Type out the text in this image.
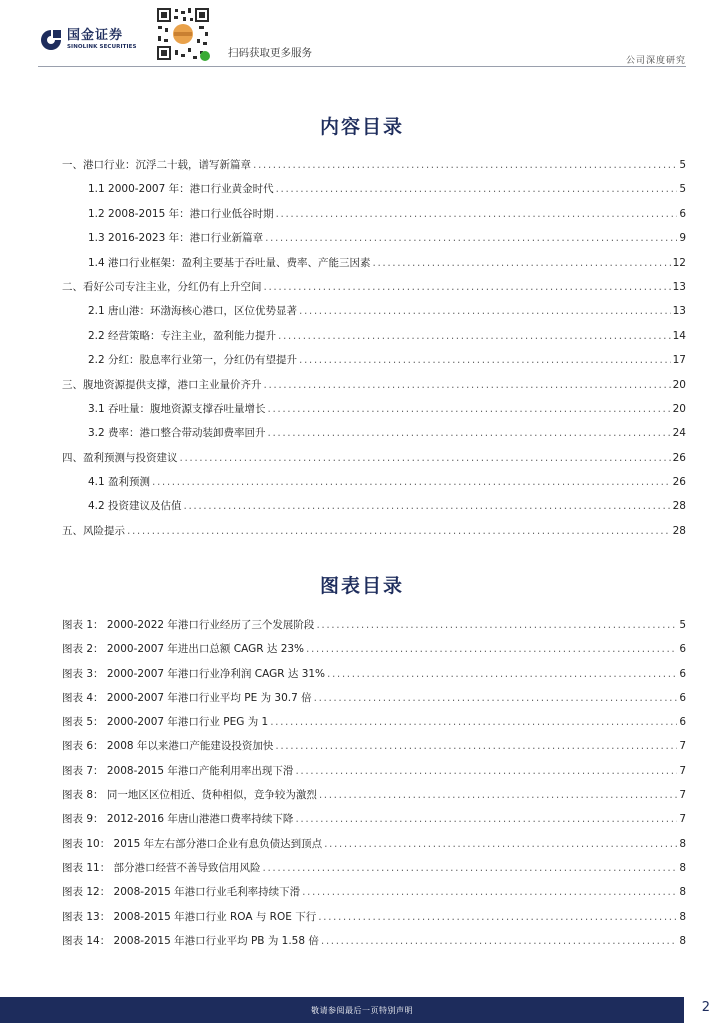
国金证券
SINOLINK SECURITIES	扫码获取更多服务
公司深度研究
内容目录
一、港口行业：沉浮二十载，谱写新篇章 .....	5
1.1 2000-2007 年：港口行业黄金时代 .....	5
1.2 2008-2015 年：港口行业低谷时期 .....	6
1.3 2016-2023 年：港口行业新篇章 .....	9
1.4 港口行业框架：盈利主要基于吞吐量、费率、产能三因素 .....	12
二、看好公司专注主业，分红仍有上升空间 .....	13
2.1 唐山港：环渤海核心港口，区位优势显著 .....	13
2.2 经营策略：专注主业，盈利能力提升 .....	14
2.2 分红：股息率行业第一，分红仍有望提升 .....	17
三、腹地资源提供支撑，港口主业量价齐升 .....	20
3.1 吞吐量：腹地资源支撑吞吐量增长 .....	20
3.2 费率：港口整合带动装卸费率回升 .....	24
四、盈利预测与投资建议 .....	26
4.1 盈利预测 .....	26
4.2 投资建议及估值 .....	28
五、风险提示 .....	28
图表目录
图表 1： 2000-2022 年港口行业经历了三个发展阶段 .....	5
图表 2： 2000-2007 年进出口总额 CAGR 达 23% .....	6
图表 3： 2000-2007 年港口行业净利润 CAGR 达 31% .....	6
图表 4： 2000-2007 年港口行业平均 PE 为 30.7 倍 .....	6
图表 5： 2000-2007 年港口行业 PEG 为 1 .....	6
图表 6： 2008 年以来港口产能建设投资加快 .....	7
图表 7： 2008-2015 年港口产能利用率出现下滑 .....	7
图表 8： 同一地区区位相近、货种相似，竞争较为激烈 .....	7
图表 9： 2012-2016 年唐山港港口费率持续下降 .....	7
图表 10： 2015 年左右部分港口企业有息负债达到顶点 .....	8
图表 11： 部分港口经营不善导致信用风险 .....	8
图表 12： 2008-2015 年港口行业毛利率持续下滑 .....	8
图表 13： 2008-2015 年港口行业 ROA 与 ROE 下行 .....	8
图表 14： 2008-2015 年港口行业平均 PB 为 1.58 倍 .....	8
敬请参阅最后一页特别声明	2
